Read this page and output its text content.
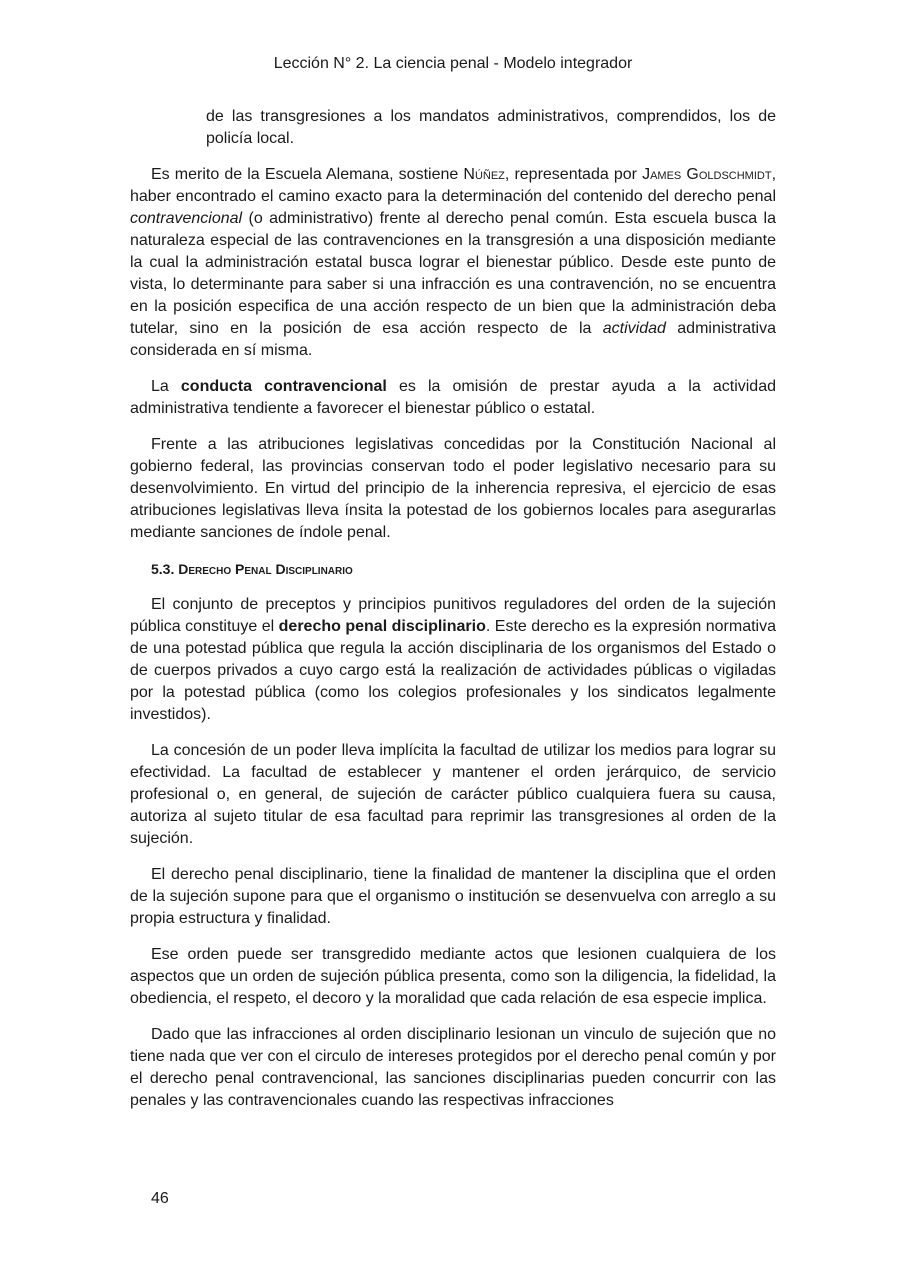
Lección N° 2. La ciencia penal - Modelo integrador

de las transgresiones a los mandatos administrativos, comprendidos, los de policía local.

Es merito de la Escuela Alemana, sostiene Núñez, representada por James Goldschmidt, haber encontrado el camino exacto para la determinación del contenido del derecho penal contravencional (o administrativo) frente al derecho penal común. Esta escuela busca la naturaleza especial de las contravenciones en la transgresión a una disposición mediante la cual la administración estatal busca lograr el bienestar público. Desde este punto de vista, lo determinante para saber si una infracción es una contravención, no se encuentra en la posición especifica de una acción respecto de un bien que la administración deba tutelar, sino en la posición de esa acción respecto de la actividad administrativa considerada en sí misma.

La conducta contravencional es la omisión de prestar ayuda a la actividad administrativa tendiente a favorecer el bienestar público o estatal.

Frente a las atribuciones legislativas concedidas por la Constitución Nacional al gobierno federal, las provincias conservan todo el poder legislativo necesario para su desenvolvimiento. En virtud del principio de la inherencia represiva, el ejercicio de esas atribuciones legislativas lleva ínsita la potestad de los gobiernos locales para asegurarlas mediante sanciones de índole penal.

5.3. Derecho Penal Disciplinario

El conjunto de preceptos y principios punitivos reguladores del orden de la sujeción pública constituye el derecho penal disciplinario. Este derecho es la expresión normativa de una potestad pública que regula la acción disciplinaria de los organismos del Estado o de cuerpos privados a cuyo cargo está la realización de actividades públicas o vigiladas por la potestad pública (como los colegios profesionales y los sindicatos legalmente investidos).

La concesión de un poder lleva implícita la facultad de utilizar los medios para lograr su efectividad. La facultad de establecer y mantener el orden jerárquico, de servicio profesional o, en general, de sujeción de carácter público cualquiera fuera su causa, autoriza al sujeto titular de esa facultad para reprimir las transgresiones al orden de la sujeción.

El derecho penal disciplinario, tiene la finalidad de mantener la disciplina que el orden de la sujeción supone para que el organismo o institución se desenvuelva con arreglo a su propia estructura y finalidad.

Ese orden puede ser transgredido mediante actos que lesionen cualquiera de los aspectos que un orden de sujeción pública presenta, como son la diligencia, la fidelidad, la obediencia, el respeto, el decoro y la moralidad que cada relación de esa especie implica.

Dado que las infracciones al orden disciplinario lesionan un vinculo de sujeción que no tiene nada que ver con el circulo de intereses protegidos por el derecho penal común y por el derecho penal contravencional, las sanciones disciplinarias pueden concurrir con las penales y las contravencionales cuando las respectivas infracciones

46
